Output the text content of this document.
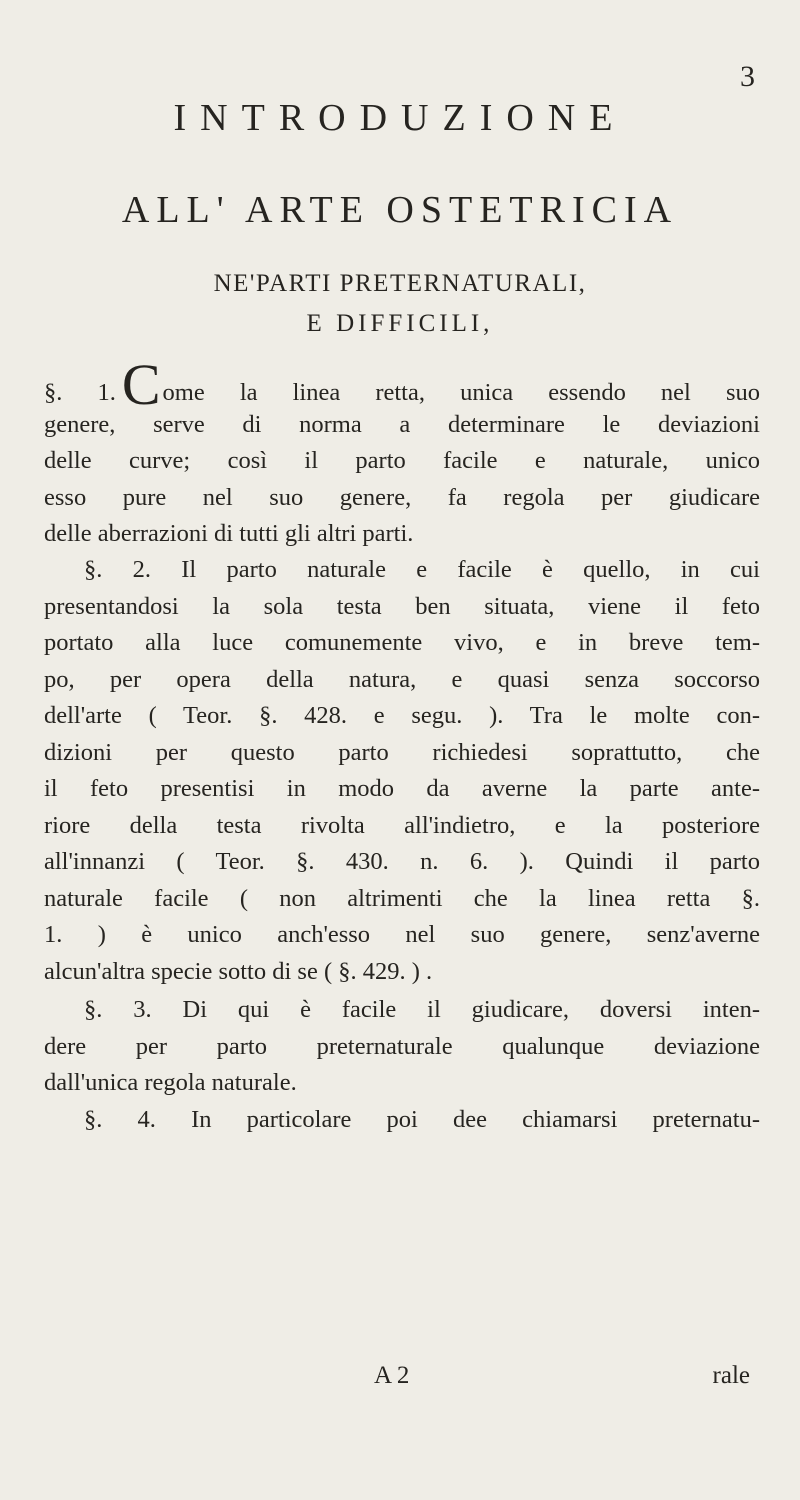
3
INTRODUZIONE
ALL' ARTE OSTETRICIA
NE'PARTI PRETERNATURALI,
E DIFFICILI,
§. 1. Come la linea retta, unica essendo nel suo
genere, serve di norma a determinare le deviazioni
delle curve; così il parto facile e naturale, unico
esso pure nel suo genere, fa regola per giudicare
delle aberrazioni di tutti gli altri parti.
§. 2. Il parto naturale e facile è quello, in cui
presentandosi la sola testa ben situata, viene il feto
portato alla luce comunemente vivo, e in breve tem-
po, per opera della natura, e quasi senza soccorso
dell'arte ( Teor. §. 428. e segu. ). Tra le molte con-
dizioni per questo parto richiedesi soprattutto, che
il feto presentisi in modo da averne la parte ante-
riore della testa rivolta all'indietro, e la posteriore
all'innanzi ( Teor. §. 430. n. 6. ). Quindi il parto
naturale facile ( non altrimenti che la linea retta §.
1. ) è unico anch'esso nel suo genere, senz'averne
alcun'altra specie sotto di se ( §. 429. ) .
§. 3. Di qui è facile il giudicare, doversi inten-
dere per parto preternaturale qualunque deviazione
dall'unica regola naturale.
§. 4. In particolare poi dee chiamarsi preternatu-
A 2	rale
